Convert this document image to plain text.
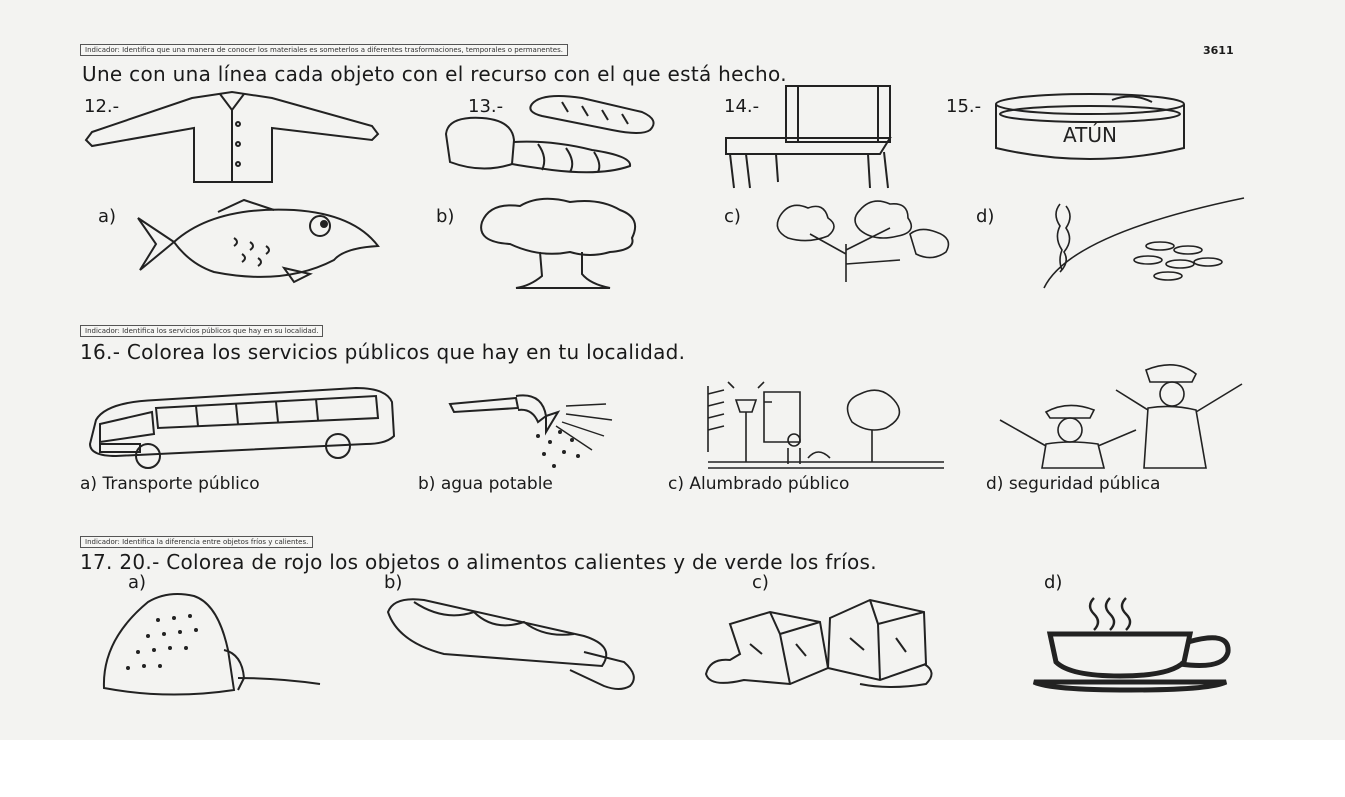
Indicador: Identifica que una manera de conocer los materiales es someterlos a diferentes trasformaciones, temporales o permanentes.	3611
Une con una línea cada objeto con el recurso con el que está hecho.
12.-	13.-	14.-	15.-
ATÚN
a)	b)	c)	d)
Indicador: Identifica los servicios públicos que hay en su localidad.
16.- Colorea los servicios públicos que hay en tu localidad.
a) Transporte público	b) agua potable	c) Alumbrado público	d) seguridad pública
Indicador: Identifica la diferencia entre objetos fríos y calientes.
17. 20.- Colorea de rojo los objetos o alimentos calientes y de verde los fríos.
a)	b)	c)	d)
